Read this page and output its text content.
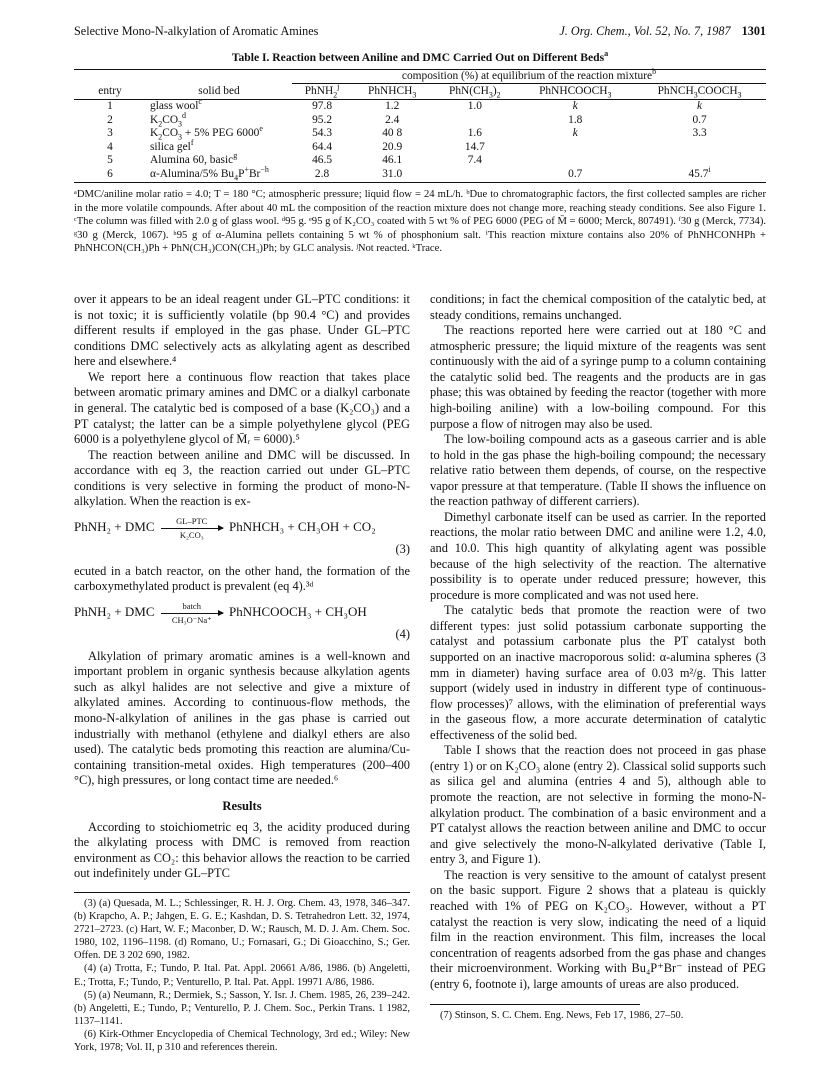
Selective Mono-N-alkylation of Aromatic Amines	J. Org. Chem., Vol. 52, No. 7, 1987 1301
Table I. Reaction between Aniline and DMC Carried Out on Different Beds$^a$
		composition (%) at equilibrium of the reaction mixture$^b$
entry	solid bed	PhNH$_2^j$	PhNHCH$_3$	$PhN(CH_3)_2$	PhNHCOOCH$_3$	$PhNCH_3COOCH_3$
1	glass wool$^c$	97.8	1.2	1.0	k	k
2	$K_2CO_3^d$	95.2	2.4		1.8	0.7
3	$K_2CO_3 + 5\%$ PEG 6000e	54.3	40 8	1.6	k	3.3
4	silica gel$^f$	64.4	20.9	14.7		
5	Alumina 60, basic$^g$	46.5	46.1	7.4		
6	α-Alumina/5% $Bu_4P^+Br^{-h}$	2.8	31.0		0.7	45.7$^i$
ᵃDMC/aniline molar ratio = 4.0; T = 180 °C; atmospheric pressure; liquid flow = 24 mL/h. ᵇDue to chromatographic factors, the first collected samples are richer in the more volatile compounds. After about 40 mL the composition of the reaction mixture does not change more, reaching steady conditions. See also Figure 1. ᶜThe column was filled with 2.0 g of glass wool. ᵈ95 g. ᵉ95 g of K₂CO₃ coated with 5 wt % of PEG 6000 (PEG of M̄ = 6000; Merck, 807491). ᶠ30 g (Merck, 7734). ᵍ30 g (Merck, 1067). ʰ95 g of α-Alumina pellets containing 5 wt % of phosphonium salt. ⁱThis reaction mixture contains also 20% of PhNHCONHPh + PhNHCON(CH₃)Ph + PhN(CH₃)CON(CH₃)Ph; by GLC analysis. ʲNot reacted. ᵏTrace.

over it appears to be an ideal reagent under GL–PTC conditions: it is not toxic; it is sufficiently volatile (bp 90.4 °C) and provides different results if employed in the gas phase. Under GL–PTC conditions DMC selectively acts as alkylating agent as described here and elsewhere.⁴

We report here a continuous flow reaction that takes place between aromatic primary amines and DMC or a dialkyl carbonate in general. The catalytic bed is composed of a base (K₂CO₃) and a PT catalyst; the latter can be a simple polyethylene glycol (PEG 6000 is a polyethylene glycol of M̄ᵣ = 6000).⁵

The reaction between aniline and DMC will be discussed. In accordance with eq 3, the reaction carried out under GL–PTC conditions is very selective in forming the product of mono-N-alkylation. When the reaction is ex-

PhNH₂ + DMC	GL–PTC
K₂CO₃
PhNHCH₃ + CH₃OH + CO₂
(3)

ecuted in a batch reactor, on the other hand, the formation of the carboxymethylated product is prevalent (eq 4).³ᵈ

PhNH₂ + DMC	batch
CH₃O⁻Na⁺
PhNHCOOCH₃ + CH₃OH
(4)

Alkylation of primary aromatic amines is a well-known and important problem in organic synthesis because alkylation agents such as alkyl halides are not selective and give a mixture of alkylated amines. According to continuous-flow methods, the mono-N-alkylation of anilines in the gas phase is carried out industrially with methanol (ethylene and dialkyl ethers are also used). The catalytic beds promoting this reaction are alumina/Cu-containing transition-metal oxides. High temperatures (200–400 °C), high pressures, or long contact time are needed.⁶

Results

According to stoichiometric eq 3, the acidity produced during the alkylating process with DMC is removed from reaction environment as CO₂: this behavior allows the reaction to be carried out indefinitely under GL–PTC

(3) (a) Quesada, M. L.; Schlessinger, R. H. J. Org. Chem. 43, 1978, 346–347. (b) Krapcho, A. P.; Jahgen, E. G. E.; Kashdan, D. S. Tetrahedron Lett. 32, 1974, 2721–2723. (c) Hart, W. F.; Maconber, D. W.; Rausch, M. D. J. Am. Chem. Soc. 1980, 102, 1196–1198. (d) Romano, U.; Fornasari, G.; Di Gioacchino, S.; Ger. Offen. DE 3 202 690, 1982.

(4) (a) Trotta, F.; Tundo, P. Ital. Pat. Appl. 20661 A/86, 1986. (b) Angeletti, E.; Trotta, F.; Tundo, P.; Venturello, P. Ital. Pat. Appl. 19971 A/86, 1986.

(5) (a) Neumann, R.; Dermiek, S.; Sasson, Y. Isr. J. Chem. 1985, 26, 239–242. (b) Angeletti, E.; Tundo, P.; Venturello, P. J. Chem. Soc., Perkin Trans. 1 1982, 1137–1141.

(6) Kirk-Othmer Encyclopedia of Chemical Technology, 3rd ed.; Wiley: New York, 1978; Vol. II, p 310 and references therein.

conditions; in fact the chemical composition of the catalytic bed, at steady conditions, remains unchanged.

The reactions reported here were carried out at 180 °C and atmospheric pressure; the liquid mixture of the reagents was sent continuously with the aid of a syringe pump to a column containing the catalytic solid bed. The reagents and the products are in gas phase; this was obtained by feeding the reactor (together with more high-boiling aniline) with a low-boiling compound. For this purpose a flow of nitrogen may also be used.

The low-boiling compound acts as a gaseous carrier and is able to hold in the gas phase the high-boiling compound; the necessary relative ratio between them depends, of course, on the respective vapor pressure at that temperature. (Table II shows the influence on the reaction pathway of different carriers).

Dimethyl carbonate itself can be used as carrier. In the reported reactions, the molar ratio between DMC and aniline were 1.2, 4.0, and 10.0. This high quantity of alkylating agent was possible because of the high selectivity of the reaction. The alternative possibility is to operate under reduced pressure; however, this procedure is more complicated and was not used here.

The catalytic beds that promote the reaction were of two different types: just solid potassium carbonate supporting the catalyst and potassium carbonate plus the PT catalyst both supported on an inactive macroporous solid: α-alumina spheres (3 mm in diameter) having surface area of 0.03 m²/g. This latter support (widely used in industry in different type of continuous-flow processes)⁷ allows, with the elimination of preferential ways in the gaseous flow, a more accurate determination of catalytic effectiveness of the solid bed.

Table I shows that the reaction does not proceed in gas phase (entry 1) or on K₂CO₃ alone (entry 2). Classical solid supports such as silica gel and alumina (entries 4 and 5), although able to promote the reaction, are not selective in forming the mono-N-alkylation product. The combination of a basic environment and a PT catalyst allows the reaction between aniline and DMC to occur and give selectively the mono-N-alkylated derivative (Table I, entry 3, and Figure 1).

The reaction is very sensitive to the amount of catalyst present on the basic support. Figure 2 shows that a plateau is quickly reached with 1% of PEG on K₂CO₃. However, without a PT catalyst the reaction is very slow, indicating the need of a liquid film in the reaction environment. This film, increases the local concentration of reagents adsorbed from the gas phase and changes their microenvironment. Working with Bu₄P⁺Br⁻ instead of PEG (entry 6, footnote i), large amounts of ureas are also produced.

(7) Stinson, S. C. Chem. Eng. News, Feb 17, 1986, 27–50.
